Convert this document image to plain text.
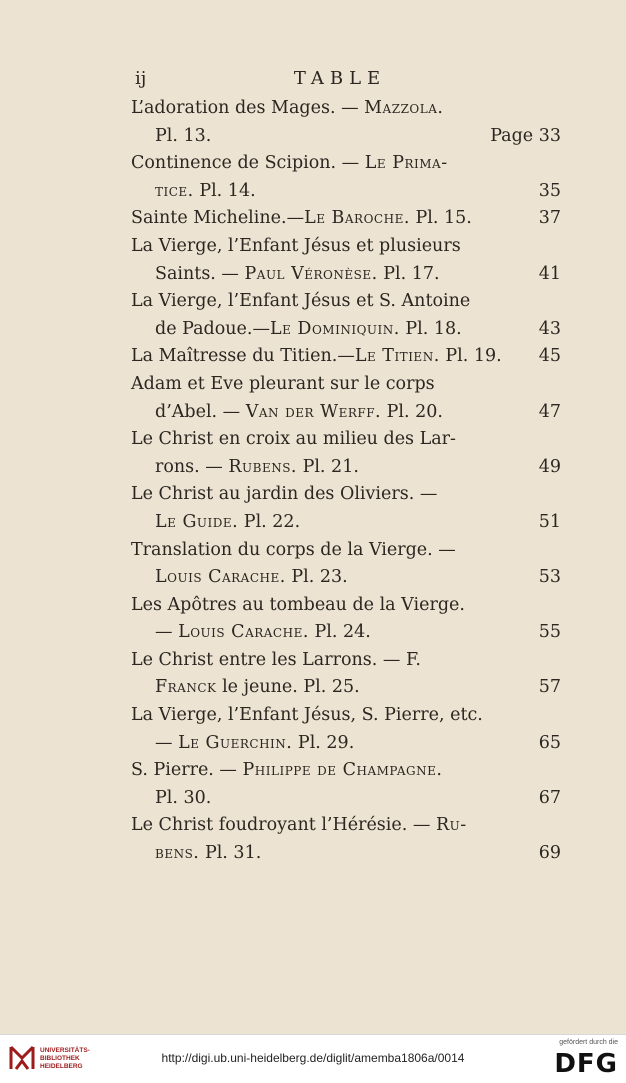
ij	TABLE
L’adoration des Mages. — Mazzola.
Pl. 13.	Page 33
Continence de Scipion. — Le Prima-
tice. Pl. 14.	35
Sainte Micheline.—Le Baroche. Pl. 15.	37
La Vierge, l’Enfant Jésus et plusieurs
Saints. — Paul Véronèse. Pl. 17.	41
La Vierge, l’Enfant Jésus et S. Antoine
de Padoue.—Le Dominiquin. Pl. 18.	43
La Maîtresse du Titien.—Le Titien. Pl. 19. 45
Adam et Eve pleurant sur le corps
d’Abel. — Van der Werff. Pl. 20.	47
Le Christ en croix au milieu des Lar-
rons. — Rubens. Pl. 21.	49
Le Christ au jardin des Oliviers. —
Le Guide. Pl. 22.	51
Translation du corps de la Vierge. —
Louis Carache. Pl. 23.	53
Les Apôtres au tombeau de la Vierge.
— Louis Carache. Pl. 24.	55
Le Christ entre les Larrons. — F.
Franck le jeune. Pl. 25.	57
La Vierge, l’Enfant Jésus, S. Pierre, etc.
— Le Guerchin. Pl. 29.	65
S. Pierre. — Philippe de Champagne.
Pl. 30.	67
Le Christ foudroyant l’Hérésie. — Ru-
bens. Pl. 31.	69
UNIVERSITÄTS-
BIBLIOTHEK
HEIDELBERG
http://digi.ub.uni-heidelberg.de/diglit/amemba1806a/0014
gefördert durch die
DFG
